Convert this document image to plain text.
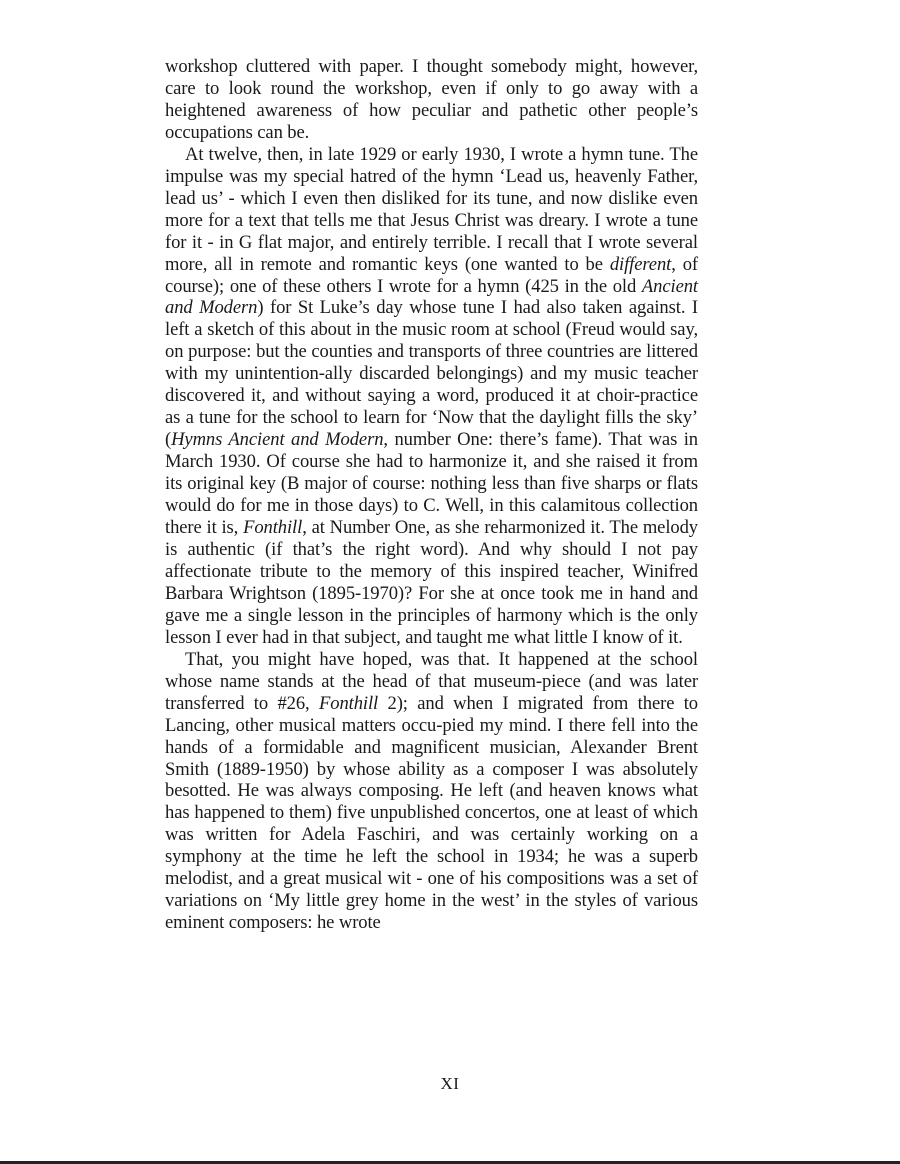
workshop cluttered with paper. I thought somebody might, however, care to look round the workshop, even if only to go away with a heightened awareness of how peculiar and pathetic other people’s occupations can be.

At twelve, then, in late 1929 or early 1930, I wrote a hymn tune. The impulse was my special hatred of the hymn ‘Lead us, heavenly Father, lead us’ - which I even then disliked for its tune, and now dislike even more for a text that tells me that Jesus Christ was dreary. I wrote a tune for it - in G flat major, and entirely terrible. I recall that I wrote several more, all in remote and romantic keys (one wanted to be different, of course); one of these others I wrote for a hymn (425 in the old Ancient and Modern) for St Luke’s day whose tune I had also taken against. I left a sketch of this about in the music room at school (Freud would say, on purpose: but the counties and transports of three countries are littered with my unintention-ally discarded belongings) and my music teacher discovered it, and without saying a word, produced it at choir-practice as a tune for the school to learn for ‘Now that the daylight fills the sky’ (Hymns Ancient and Modern, number One: there’s fame). That was in March 1930. Of course she had to harmonize it, and she raised it from its original key (B major of course: nothing less than five sharps or flats would do for me in those days) to C. Well, in this calamitous collection there it is, Fonthill, at Number One, as she reharmonized it. The melody is authentic (if that’s the right word). And why should I not pay affectionate tribute to the memory of this inspired teacher, Winifred Barbara Wrightson (1895-1970)? For she at once took me in hand and gave me a single lesson in the principles of harmony which is the only lesson I ever had in that subject, and taught me what little I know of it.

That, you might have hoped, was that. It happened at the school whose name stands at the head of that museum-piece (and was later transferred to #26, Fonthill 2); and when I migrated from there to Lancing, other musical matters occu-pied my mind. I there fell into the hands of a formidable and magnificent musician, Alexander Brent Smith (1889-1950) by whose ability as a composer I was absolutely besotted. He was always composing. He left (and heaven knows what has happened to them) five unpublished concertos, one at least of which was written for Adela Faschiri, and was certainly working on a symphony at the time he left the school in 1934; he was a superb melodist, and a great musical wit - one of his compositions was a set of variations on ‘My little grey home in the west’ in the styles of various eminent composers: he wrote

XI
